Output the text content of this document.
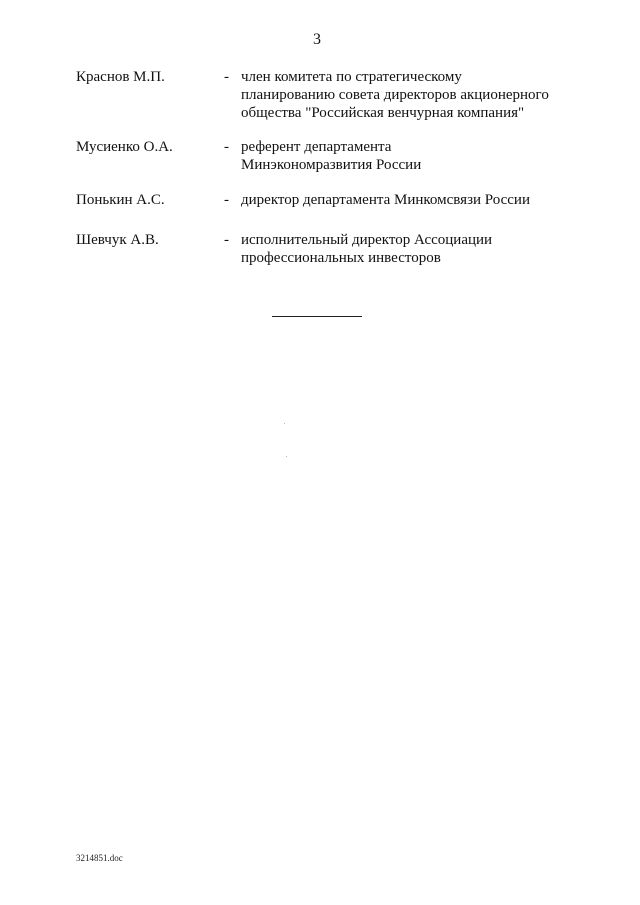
3
Краснов М.П.	- член комитета по стратегическому
планированию совета директоров акционерного
общества "Российская венчурная компания"
Мусиенко О.А.	- референт департамента
Минэкономразвития России
Понькин А.С.	- директор департамента Минкомсвязи России
Шевчук А.В.	- исполнительный директор Ассоциации
профессиональных инвесторов
3214851.doc
